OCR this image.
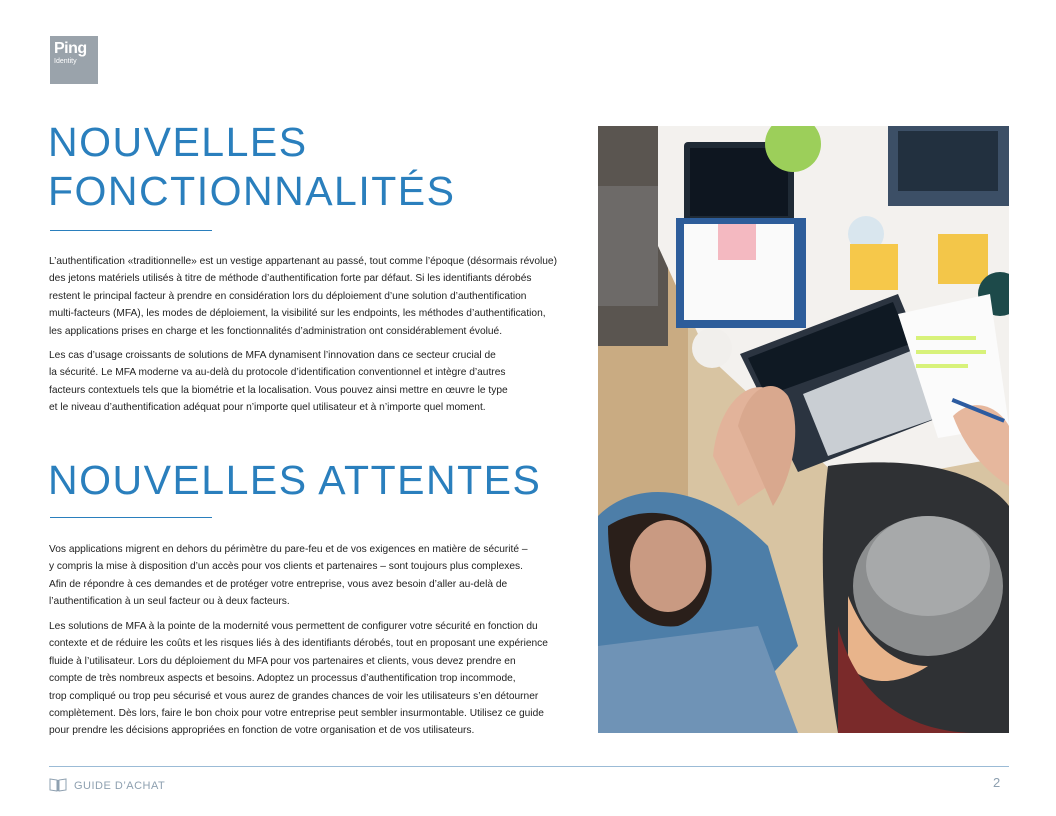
Ping
Identity
NOUVELLES
FONCTIONNALITÉS

L’authentification «traditionnelle» est un vestige appartenant au passé, tout comme l’époque (désormais révolue)
des jetons matériels utilisés à titre de méthode d’authentification forte par défaut. Si les identifiants dérobés
restent le principal facteur à prendre en considération lors du déploiement d’une solution d’authentification
multi-facteurs (MFA), les modes de déploiement, la visibilité sur les endpoints, les méthodes d’authentification,
les applications prises en charge et les fonctionnalités d’administration ont considérablement évolué.

Les cas d’usage croissants de solutions de MFA dynamisent l’innovation dans ce secteur crucial de
la sécurité. Le MFA moderne va au-delà du protocole d’identification conventionnel et intègre d’autres
facteurs contextuels tels que la biométrie et la localisation. Vous pouvez ainsi mettre en œuvre le type
et le niveau d’authentification adéquat pour n’importe quel utilisateur et à n’importe quel moment.

NOUVELLES ATTENTES

Vos applications migrent en dehors du périmètre du pare-feu et de vos exigences en matière de sécurité –
y compris la mise à disposition d’un accès pour vos clients et partenaires – sont toujours plus complexes.
Afin de répondre à ces demandes et de protéger votre entreprise, vous avez besoin d’aller au-delà de
l’authentification à un seul facteur ou à deux facteurs.

Les solutions de MFA à la pointe de la modernité vous permettent de configurer votre sécurité en fonction du
contexte et de réduire les coûts et les risques liés à des identifiants dérobés, tout en proposant une expérience
fluide à l’utilisateur. Lors du déploiement du MFA pour vos partenaires et clients, vous devez prendre en
compte de très nombreux aspects et besoins. Adoptez un processus d’authentification trop incommode,
trop compliqué ou trop peu sécurisé et vous aurez de grandes chances de voir les utilisateurs s’en détourner
complètement. Dès lors, faire le bon choix pour votre entreprise peut sembler insurmontable. Utilisez ce guide
pour prendre les décisions appropriées en fonction de votre organisation et de vos utilisateurs.

GUIDE D’ACHAT	2
